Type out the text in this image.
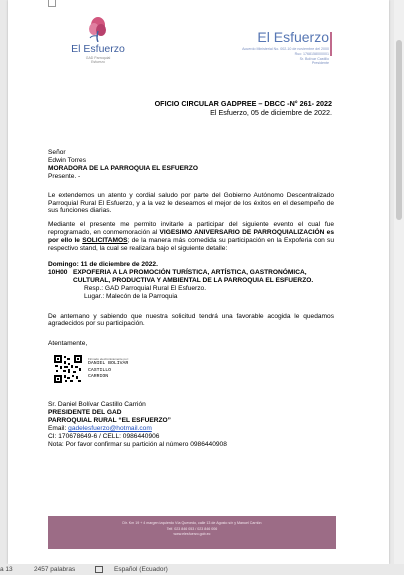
El Esfuerzo
GAD Parroquial
Esfuerzo
El Esfuerzo
Acuerdo Ministerial No. 002-10 de noviembre del 2000
Ruc: 1768158000001
Sr. Bolívar Castillo
Presidente
OFICIO CIRCULAR GADPREE – DBCC -N° 261- 2022
El Esfuerzo, 05 de diciembre de 2022.

Señor

Edwin Torres

MORADORA DE LA PARROQUIA EL ESFUERZO

Presente. -

Le extendemos un atento y cordial saludo por parte del Gobierno Autónomo Descentralizado Parroquial Rural El Esfuerzo, y a la vez le deseamos el mejor de los éxitos en el desempeño de sus funciones diarias.

Mediante el presente me permito invitarle a participar del siguiente evento el cual fue reprogramado, en conmemoración al VIGESIMO ANIVERSARIO DE PARROQUIALIZACIÓN es por ello le SOLICITAMOS; de la manera más comedida su participación en la Expoferia con su respectivo stand, la cual se realizara bajo el siguiente detalle:

Domingo: 11 de diciembre de 2022.

10H00 EXPOFERIA A LA PROMOCIÓN TURÍSTICA, ARTÍSTICA, GASTRONÓMICA, CULTURAL, PRODUCTIVA Y AMBIENTAL DE LA PARROQUIA EL ESFUERZO.

Resp.: GAD Parroquial Rural El Esfuerzo.

Lugar.: Malecón de la Parroquia

De antemano y sabiendo que nuestra solicitud tendrá una favorable acogida le quedamos agradecidos por su participación.

Atentamente,

Firmado electrónicamente por:
DANIEL BOLIVAR
CASTILLO
CARRION

Sr. Daniel Bolívar Castillo Carrión

PRESIDENTE DEL GAD

PARROQUIAL RURAL “EL ESFUERZO”

Email: gadelesfuerzo@hotmail.com

CI: 170678649-6 / CELL: 0986440906

Nota: Por favor confirmar su partición al número 0986440908

Dir. Km 19 + 4 margen izquierdo Vía Quevedo, calle 13 de Agosto s/n y Manuel Carrión
Telf. 023 846 053 / 023 846 006
www.elesfuerzo.gob.ec
a 13	2457 palabras	Español (Ecuador)
